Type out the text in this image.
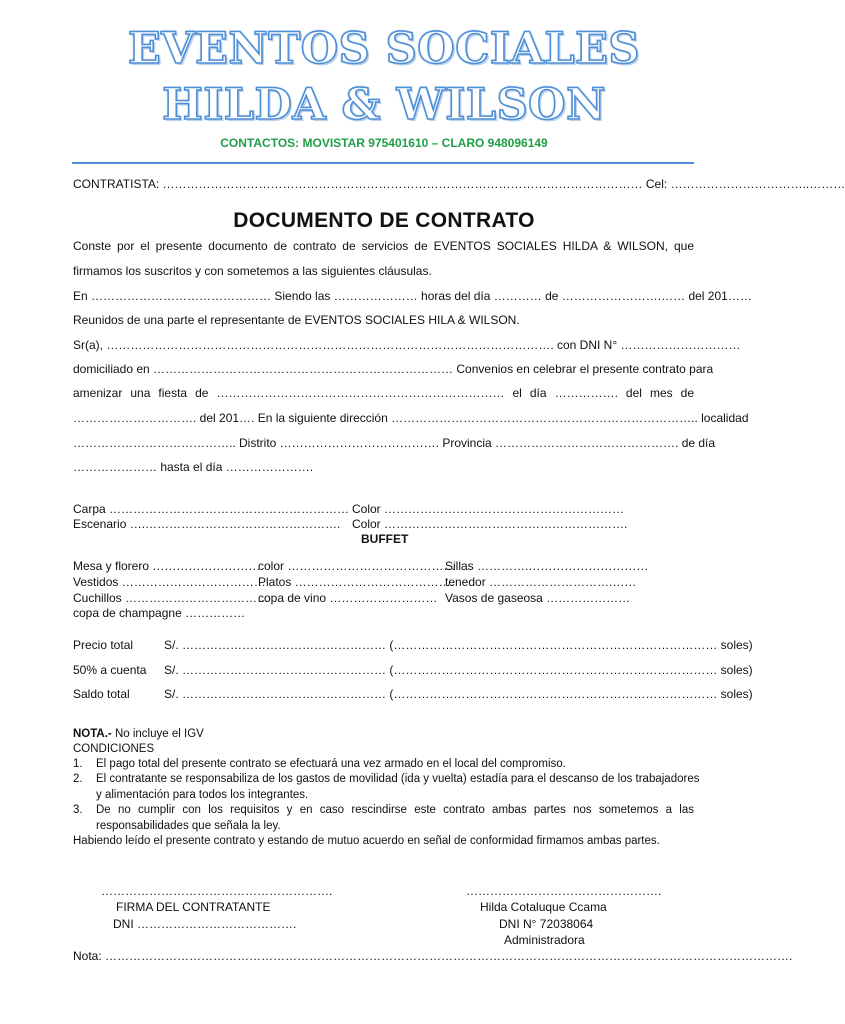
EVENTOS SOCIALES
HILDA & WILSON
CONTACTOS: MOVISTAR 975401610 – CLARO 948096149
CONTRATISTA: ………………………………………………………………………………………………………… Cel: ……………………………..………
DOCUMENTO DE CONTRATO
Conste por el presente documento de contrato de servicios de EVENTOS SOCIALES HILDA & WILSON, que
firmamos los suscritos y con sometemos a las siguientes cláusulas.
En ……………………………………… Siendo las ………………… horas del día ………… de …………………….…… del 201……
Reunidos de una parte el representante de EVENTOS SOCIALES HILA & WILSON.
Sr(a), …………………………………………………………………………………………………. con DNI N° …………………………
domiciliado en ………………………………………………………………… Convenios en celebrar el presente contrato para
amenizar una fiesta de ……………………………………………………………… el día ……………. del mes de
…………………………. del 201…. En la siguiente dirección ………………………………………………………………….. localidad
………………………………….. Distrito …………………………………. Provincia ………………………………………. de día
………………… hasta el día ………………….
Carpa …………………………………………………… Color ……………………………………………………
Escenario ….…………………………………………. Color …………………………………………………….
BUFFET
Mesa y florero ………………………
color ……………………………………
Sillas ………….…………………………
Vestidos ………………………………
Platos ………………………………….
tenedor ………………………….……
Cuchillos ………………………………
copa de vino ……………………… Vasos de gaseosa …………………
copa de champagne ……………
Precio total	S/. …………………………………………… (……………………………………………………………………… soles)
50% a cuenta S/. …………………………………………… (……………………………………………………………………… soles)
Saldo total	S/. …………………………………………… (……………………………………………………………………… soles)
NOTA.- No incluye el IGV
CONDICIONES
1. El pago total del presente contrato se efectuará una vez armado en el local del compromiso.
2. El contratante se responsabiliza de los gastos de movilidad (ida y vuelta) estadía para el descanso de los trabajadores
y alimentación para todos los integrantes.
3. De no cumplir con los requisitos y en caso rescindirse este contrato ambas partes nos sometemos a las
responsabilidades que señala la ley.
Habiendo leído el presente contrato y estando de mutuo acuerdo en señal de conformidad firmamos ambas partes.
………………………………………………….
FIRMA DEL CONTRATANTE
DNI ………………………………….
………………………………………….
Hilda Cotaluque Ccama
DNI N° 72038064
Administradora
Nota: ……………………………………………………………………………………………………………………………………………………….
